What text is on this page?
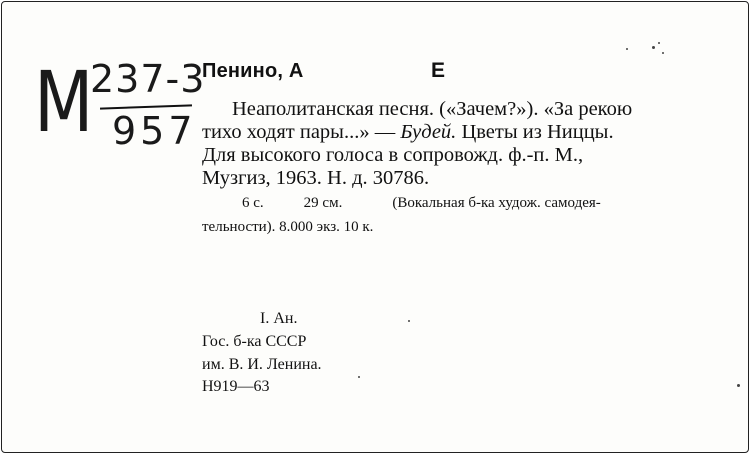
М
237-3
957
Пенино, А	Е
Неаполитанская песня. («Зачем?»). «За рекою
тихо ходят пары...» — Будей. Цветы из Ниццы.
Для высокого голоса в сопровожд. ф.-п. М.,
Музгиз, 1963. Н. д. 30786.
6 с.	29 см.	(Вокальная б-ка худож. самодея-
тельности). 8.000 экз. 10 к.
I. Ан.
Гос. б-ка СССР
им. В. И. Ленина.
Н919—63
